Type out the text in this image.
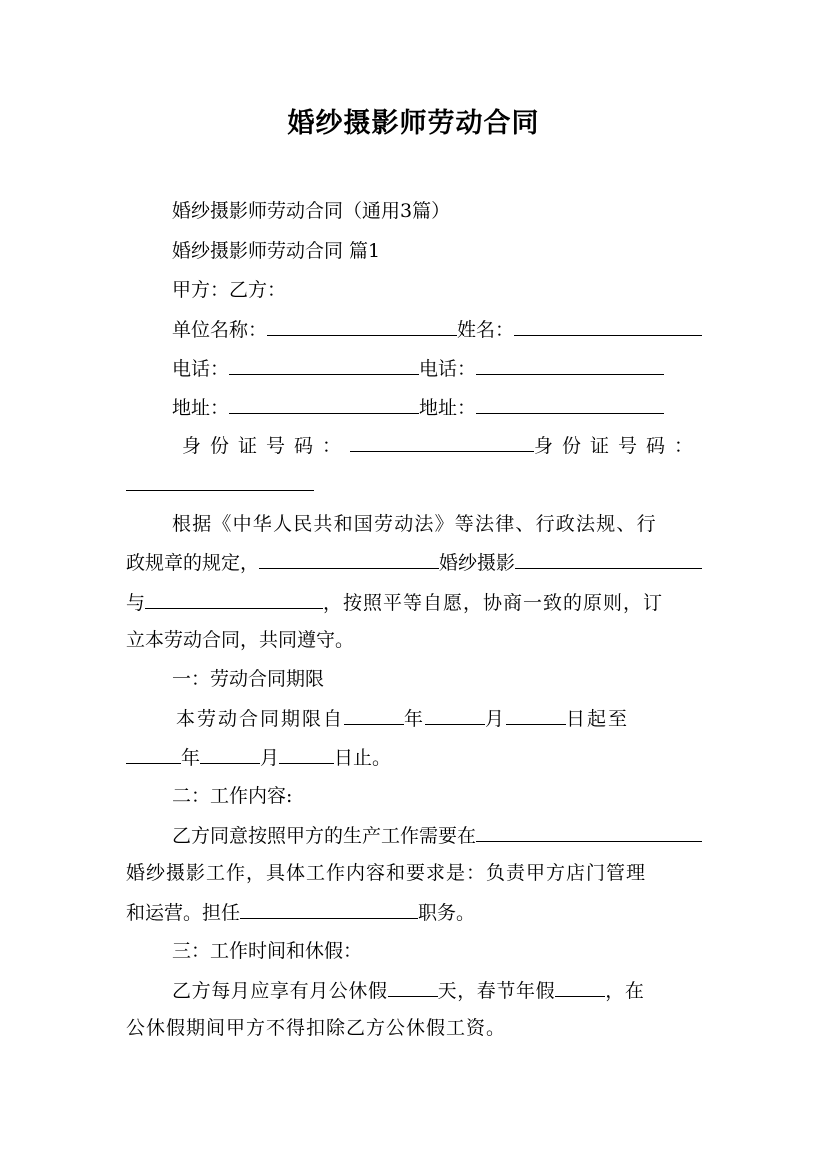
婚纱摄影师劳动合同
婚纱摄影师劳动合同（通用3篇）
婚纱摄影师劳动合同 篇1
甲方：乙方：
单位名称：	姓名：
电话：	电话：
地址：	地址：
身份证号码：	身份证号码：
根据《中华人民共和国劳动法》等法律、行政法规、行
政规章的规定，	婚纱摄影
与	，按照平等自愿，协商一致的原则，订
立本劳动合同，共同遵守。
一：劳动合同期限
本劳动合同期限自	年	月	日起至
年	月	日止。
二：工作内容:
乙方同意按照甲方的生产工作需要在
婚纱摄影工作，具体工作内容和要求是：负责甲方店门管理
和运营。担任	职务。
三：工作时间和休假：
乙方每月应享有月公休假	天，春节年假	，在
公休假期间甲方不得扣除乙方公休假工资。
